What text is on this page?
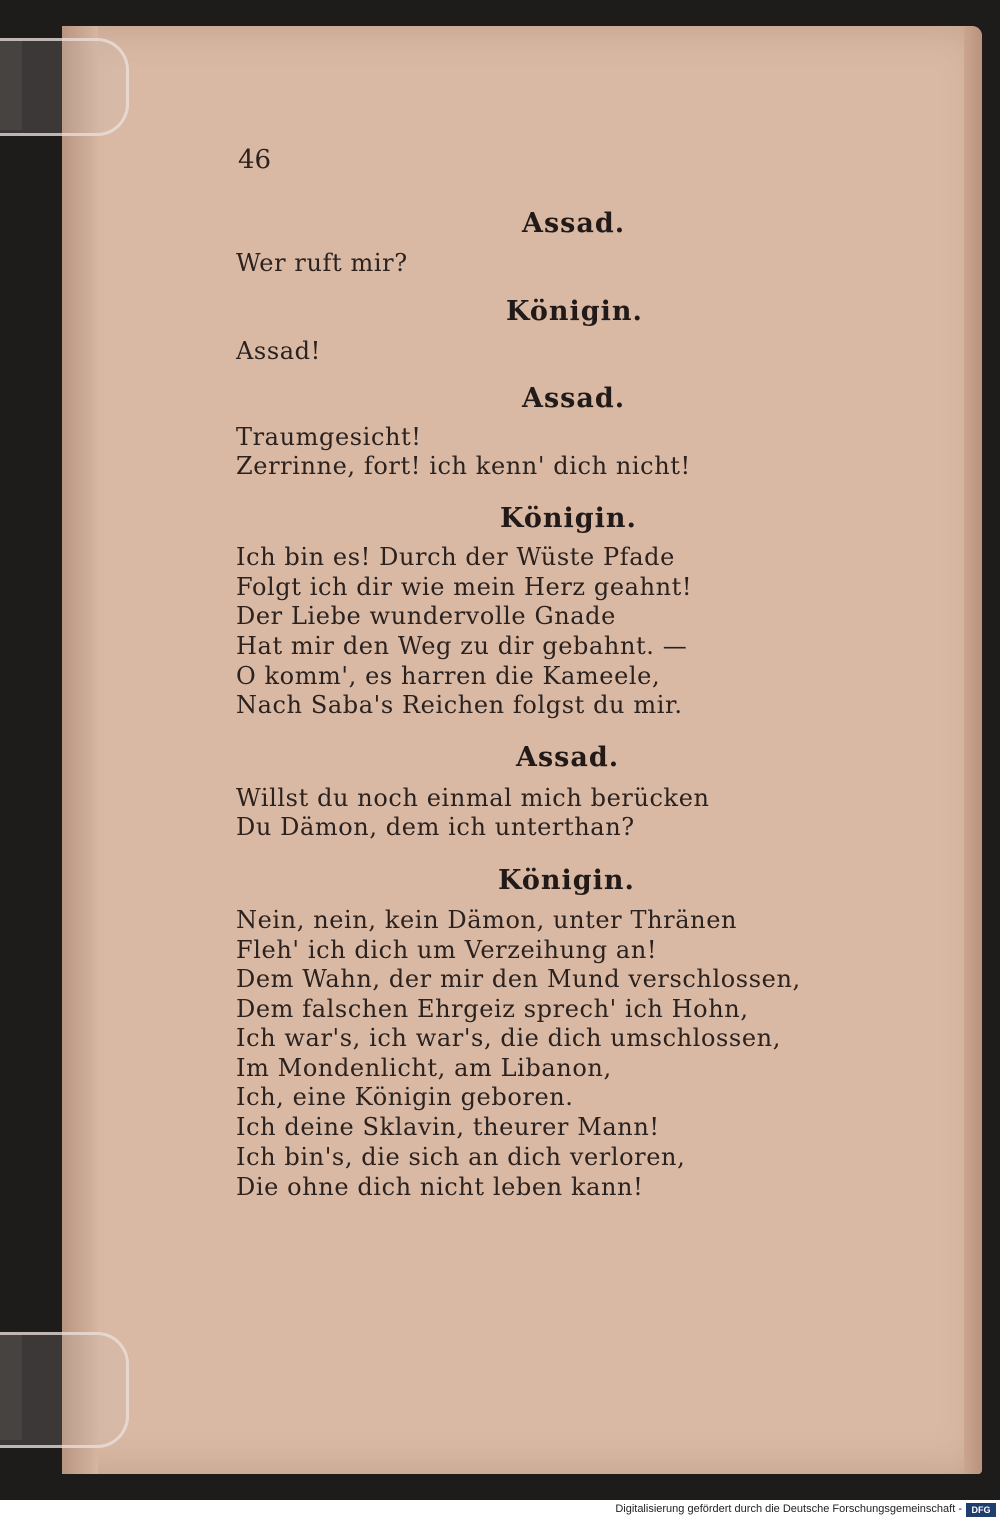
46
Assad.
Wer ruft mir?
Königin.
Assad!
Assad.
Traumgesicht!
Zerrinne, fort! ich kenn' dich nicht!
Königin.
Ich bin es! Durch der Wüste Pfade
Folgt ich dir wie mein Herz geahnt!
Der Liebe wundervolle Gnade
Hat mir den Weg zu dir gebahnt. —
O komm', es harren die Kameele,
Nach Saba's Reichen folgst du mir.
Assad.
Willst du noch einmal mich berücken
Du Dämon, dem ich unterthan?
Königin.
Nein, nein, kein Dämon, unter Thränen
Fleh' ich dich um Verzeihung an!
Dem Wahn, der mir den Mund verschlossen,
Dem falschen Ehrgeiz sprech' ich Hohn,
Ich war's, ich war's, die dich umschlossen,
Im Mondenlicht, am Libanon,
Ich, eine Königin geboren.
Ich deine Sklavin, theurer Mann!
Ich bin's, die sich an dich verloren,
Die ohne dich nicht leben kann!
Digitalisierung gefördert durch die Deutsche Forschungsgemeinschaft -	DFG
